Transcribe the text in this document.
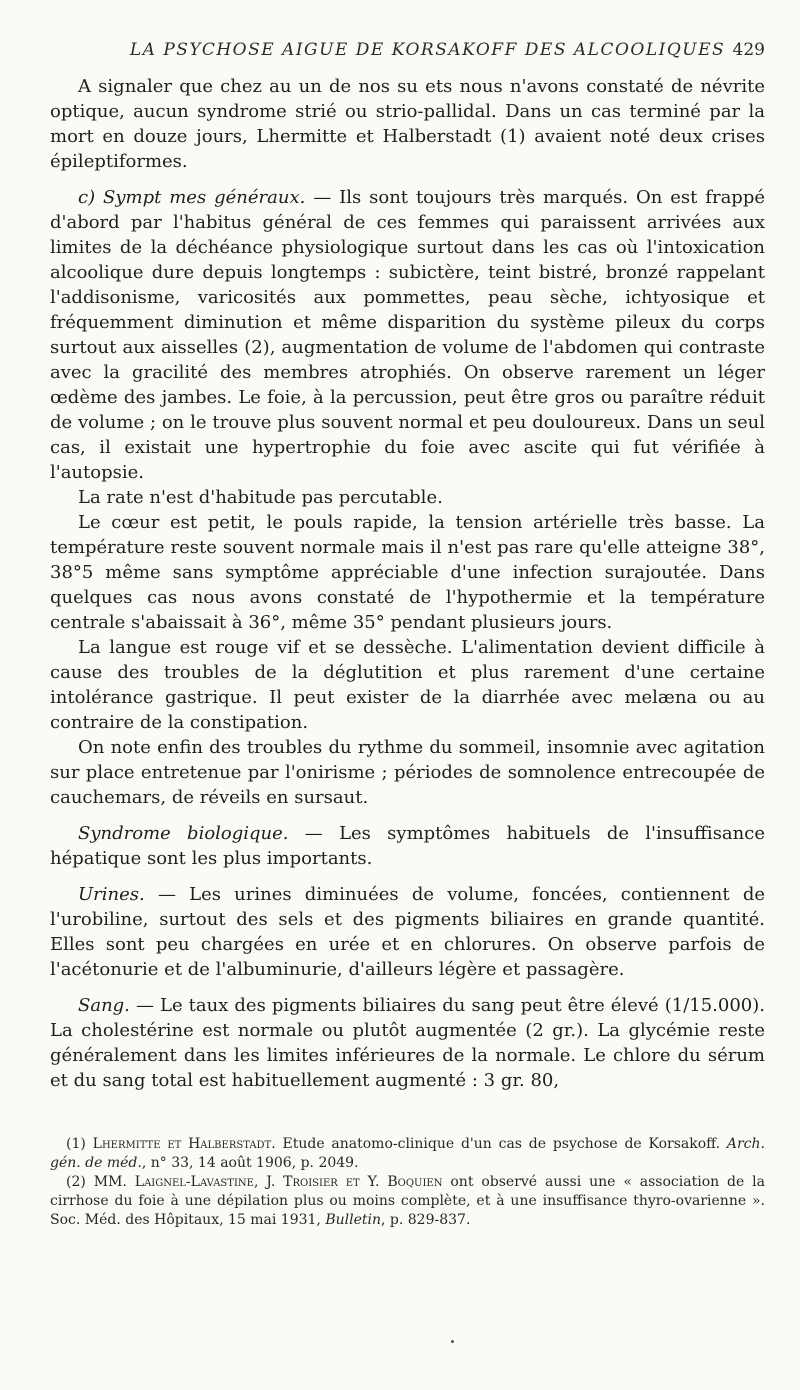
LA PSYCHOSE AIGUE DE KORSAKOFF DES ALCOOLIQUES 429

A signaler que chez au un de nos su ets nous n'avons constaté de névrite optique, aucun syndrome strié ou strio-pallidal. Dans un cas terminé par la mort en douze jours, Lhermitte et Halberstadt (1) avaient noté deux crises épileptiformes.

c) Sympt mes généraux. — Ils sont toujours très marqués. On est frappé d'abord par l'habitus général de ces femmes qui paraissent arrivées aux limites de la déchéance physiologique surtout dans les cas où l'intoxication alcoolique dure depuis longtemps : subictère, teint bistré, bronzé rappelant l'addisonisme, varicosités aux pommettes, peau sèche, ichtyosique et fréquemment diminution et même disparition du système pileux du corps surtout aux aisselles (2), augmentation de volume de l'abdomen qui contraste avec la gracilité des membres atrophiés. On observe rarement un léger œdème des jambes. Le foie, à la percussion, peut être gros ou paraître réduit de volume ; on le trouve plus souvent normal et peu douloureux. Dans un seul cas, il existait une hypertrophie du foie avec ascite qui fut vérifiée à l'autopsie.

La rate n'est d'habitude pas percutable.

Le cœur est petit, le pouls rapide, la tension artérielle très basse. La température reste souvent normale mais il n'est pas rare qu'elle atteigne 38°, 38°5 même sans symptôme appréciable d'une infection surajoutée. Dans quelques cas nous avons constaté de l'hypothermie et la température centrale s'abaissait à 36°, même 35° pendant plusieurs jours.

La langue est rouge vif et se dessèche. L'alimentation devient difficile à cause des troubles de la déglutition et plus rarement d'une certaine intolérance gastrique. Il peut exister de la diarrhée avec melæna ou au contraire de la constipation.

On note enfin des troubles du rythme du sommeil, insomnie avec agitation sur place entretenue par l'onirisme ; périodes de somnolence entrecoupée de cauchemars, de réveils en sursaut.

Syndrome biologique. — Les symptômes habituels de l'insuffisance hépatique sont les plus importants.

Urines. — Les urines diminuées de volume, foncées, contiennent de l'urobiline, surtout des sels et des pigments biliaires en grande quantité. Elles sont peu chargées en urée et en chlorures. On observe parfois de l'acétonurie et de l'albuminurie, d'ailleurs légère et passagère.

Sang. — Le taux des pigments biliaires du sang peut être élevé (1/15.000). La cholestérine est normale ou plutôt augmentée (2 gr.). La glycémie reste généralement dans les limites inférieures de la normale. Le chlore du sérum et du sang total est habituellement augmenté : 3 gr. 80,

(1) Lhermitte et Halberstadt. Etude anatomo-clinique d'un cas de psychose de Korsakoff. Arch. gén. de méd., n° 33, 14 août 1906, p. 2049.

(2) MM. Laignel-Lavastine, J. Troisier et Y. Boquien ont observé aussi une « association de la cirrhose du foie à une dépilation plus ou moins complète, et à une insuffisance thyro-ovarienne ». Soc. Méd. des Hôpitaux, 15 mai 1931, Bulletin, p. 829-837.
